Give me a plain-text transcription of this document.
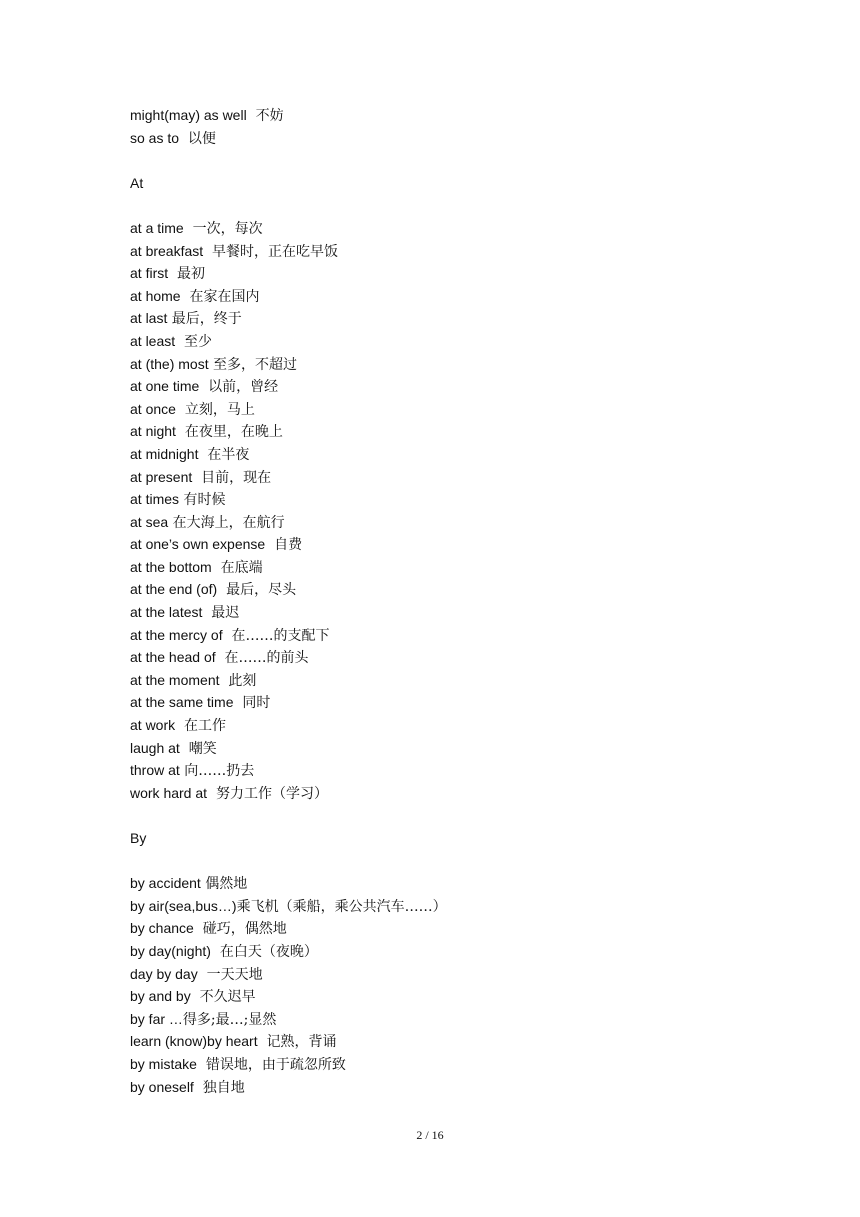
might(may) as well  不妨
so as to  以便
At
at a time  一次，每次
at breakfast  早餐时，正在吃早饭
at first  最初
at home  在家在国内
at last 最后，终于
at least  至少
at (the) most 至多，不超过
at one time  以前，曾经
at once  立刻，马上
at night  在夜里，在晚上
at midnight  在半夜
at present  目前，现在
at times 有时候
at sea 在大海上，在航行
at one’s own expense  自费
at the bottom  在底端
at the end (of)  最后，尽头
at the latest  最迟
at the mercy of  在……的支配下
at the head of  在……的前头
at the moment  此刻
at the same time  同时
at work  在工作
laugh at  嘲笑
throw at 向……扔去
work hard at  努力工作（学习）
By
by accident 偶然地
by air(sea,bus…)乘飞机（乘船，乘公共汽车……）
by chance  碰巧，偶然地
by day(night)  在白天（夜晚）
day by day  一天天地
by and by  不久迟早
by far …得多;最…;显然
learn (know)by heart  记熟，背诵
by mistake  错误地，由于疏忽所致
by oneself  独自地
2 / 16
